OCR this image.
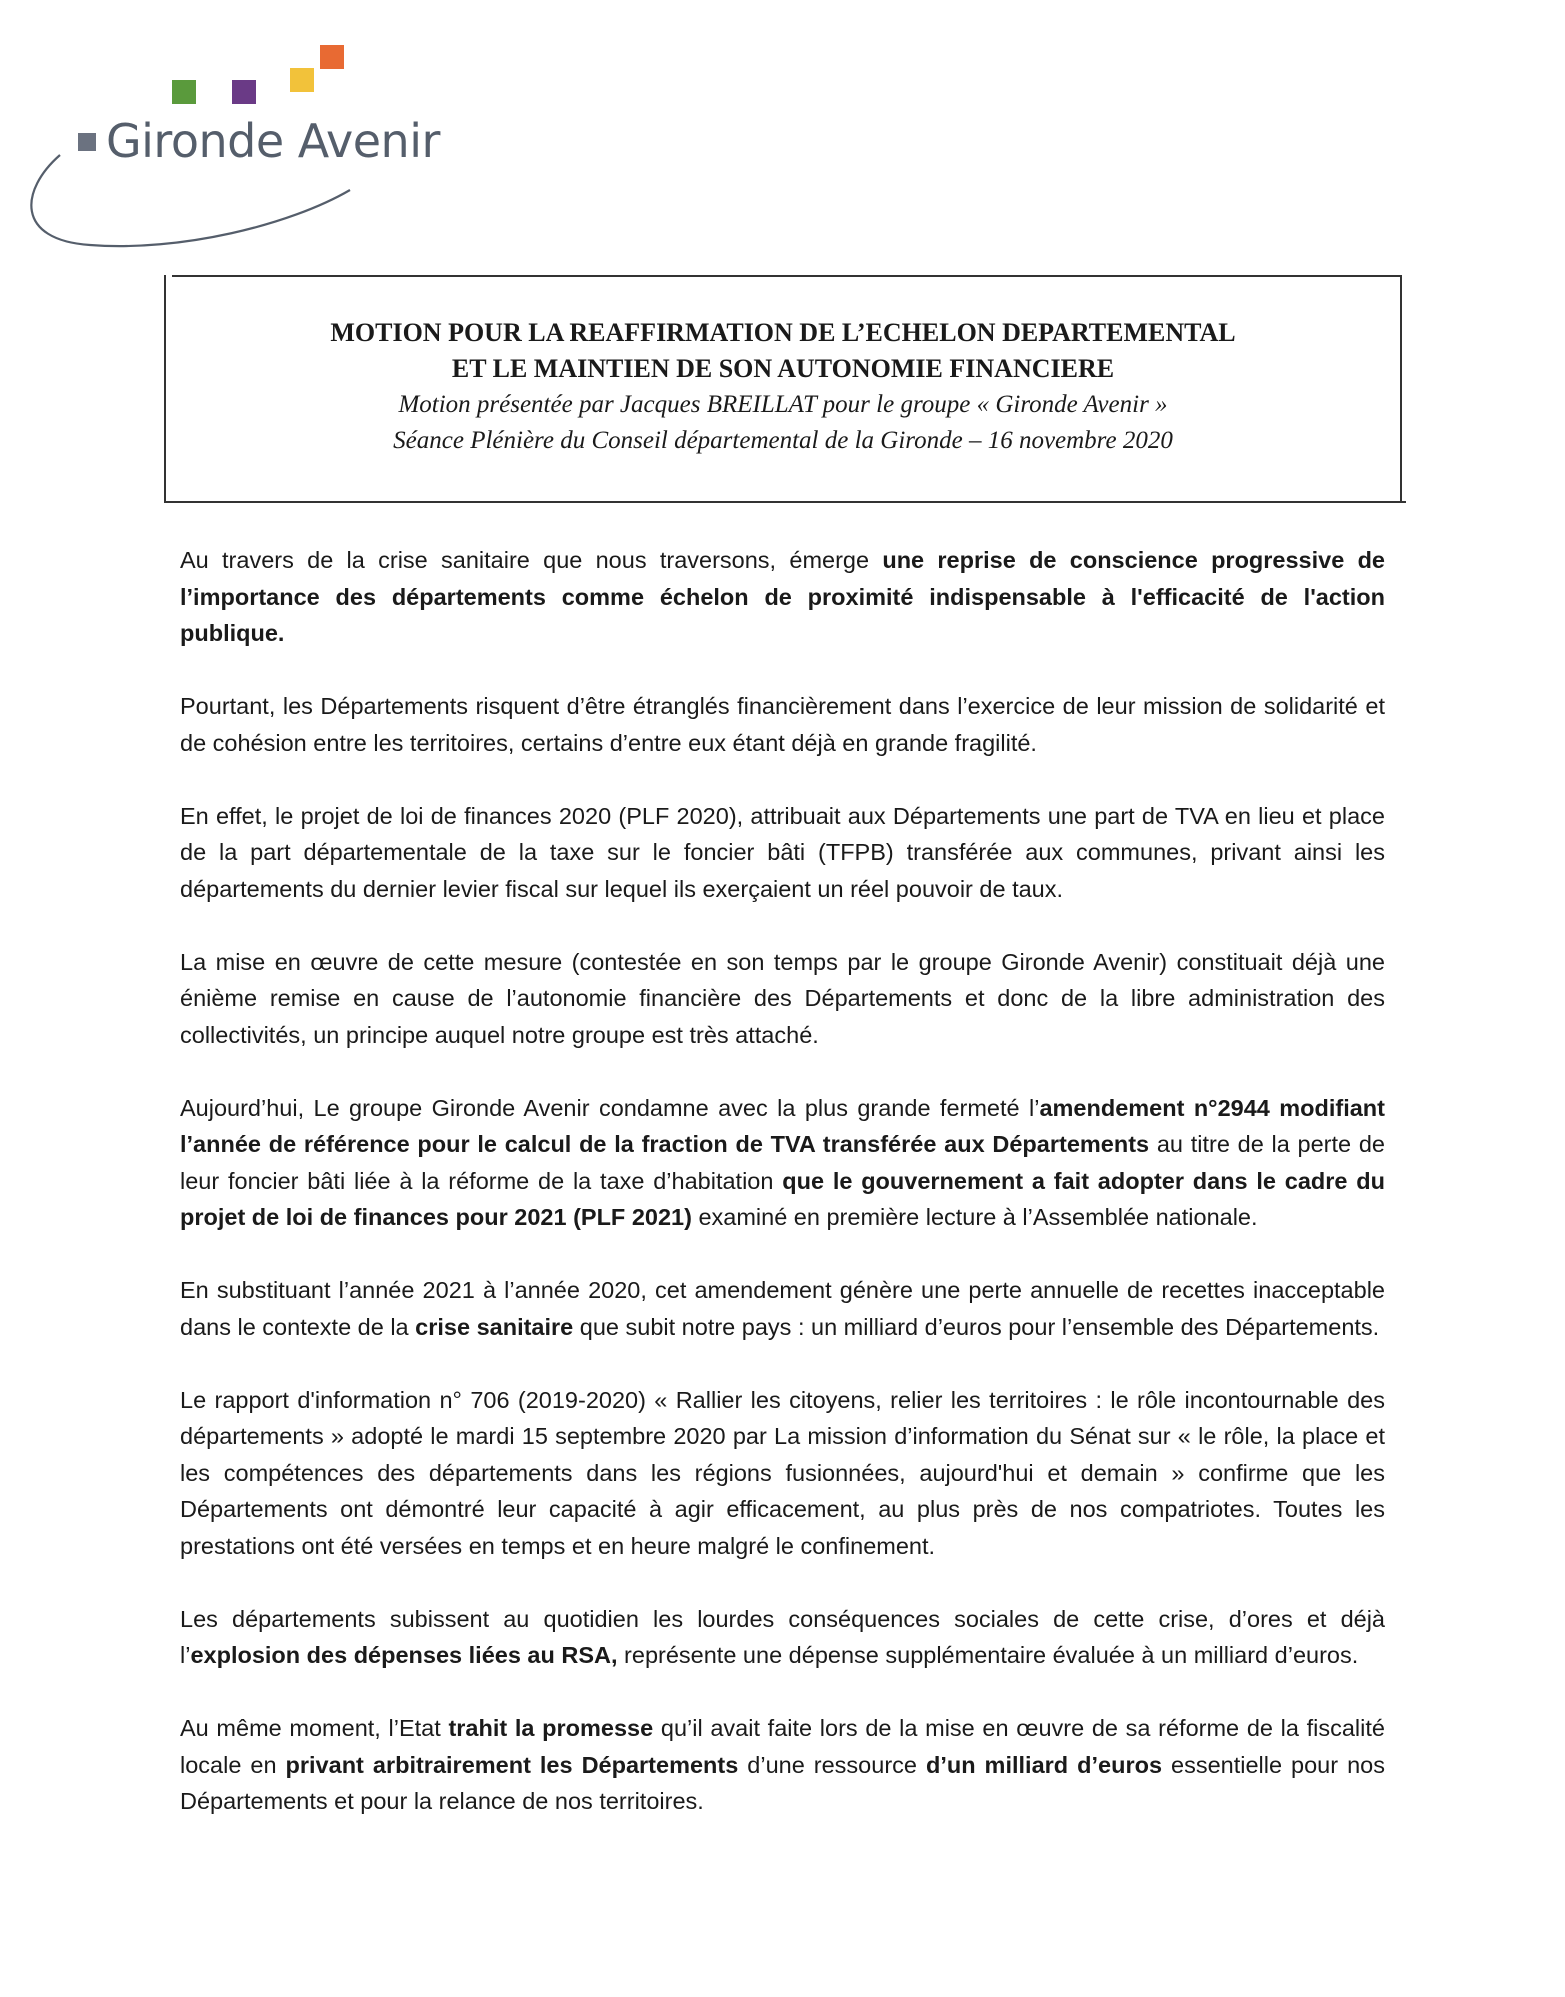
Gironde Avenir
MOTION POUR LA REAFFIRMATION DE L’ECHELON DEPARTEMENTAL
ET LE MAINTIEN DE SON AUTONOMIE FINANCIERE
Motion présentée par Jacques BREILLAT pour le groupe « Gironde Avenir »
Séance Plénière du Conseil départemental de la Gironde – 16 novembre 2020

Au travers de la crise sanitaire que nous traversons, émerge une reprise de conscience progressive de l’importance des départements comme échelon de proximité indispensable à l'efficacité de l'action publique.

Pourtant, les Départements risquent d’être étranglés financièrement dans l’exercice de leur mission de solidarité et de cohésion entre les territoires, certains d’entre eux étant déjà en grande fragilité.

En effet, le projet de loi de finances 2020 (PLF 2020), attribuait aux Départements une part de TVA en lieu et place de la part départementale de la taxe sur le foncier bâti (TFPB) transférée aux communes, privant ainsi les départements du dernier levier fiscal sur lequel ils exerçaient un réel pouvoir de taux.

La mise en œuvre de cette mesure (contestée en son temps par le groupe Gironde Avenir) constituait déjà une énième remise en cause de l’autonomie financière des Départements et donc de la libre administration des collectivités, un principe auquel notre groupe est très attaché.

Aujourd’hui, Le groupe Gironde Avenir condamne avec la plus grande fermeté l’amendement n°2944 modifiant l’année de référence pour le calcul de la fraction de TVA transférée aux Départements au titre de la perte de leur foncier bâti liée à la réforme de la taxe d’habitation que le gouvernement a fait adopter dans le cadre du projet de loi de finances pour 2021 (PLF 2021) examiné en première lecture à l’Assemblée nationale.

En substituant l’année 2021 à l’année 2020, cet amendement génère une perte annuelle de recettes inacceptable dans le contexte de la crise sanitaire que subit notre pays : un milliard d’euros pour l’ensemble des Départements.

Le rapport d'information n° 706 (2019-2020) « Rallier les citoyens, relier les territoires : le rôle incontournable des départements » adopté le mardi 15 septembre 2020 par La mission d’information du Sénat sur « le rôle, la place et les compétences des départements dans les régions fusionnées, aujourd'hui et demain » confirme que les Départements ont démontré leur capacité à agir efficacement, au plus près de nos compatriotes. Toutes les prestations ont été versées en temps et en heure malgré le confinement.

Les départements subissent au quotidien les lourdes conséquences sociales de cette crise, d’ores et déjà l’explosion des dépenses liées au RSA, représente une dépense supplémentaire évaluée à un milliard d’euros.

Au même moment, l’Etat trahit la promesse qu’il avait faite lors de la mise en œuvre de sa réforme de la fiscalité locale en privant arbitrairement les Départements d’une ressource d’un milliard d’euros essentielle pour nos Départements et pour la relance de nos territoires.
